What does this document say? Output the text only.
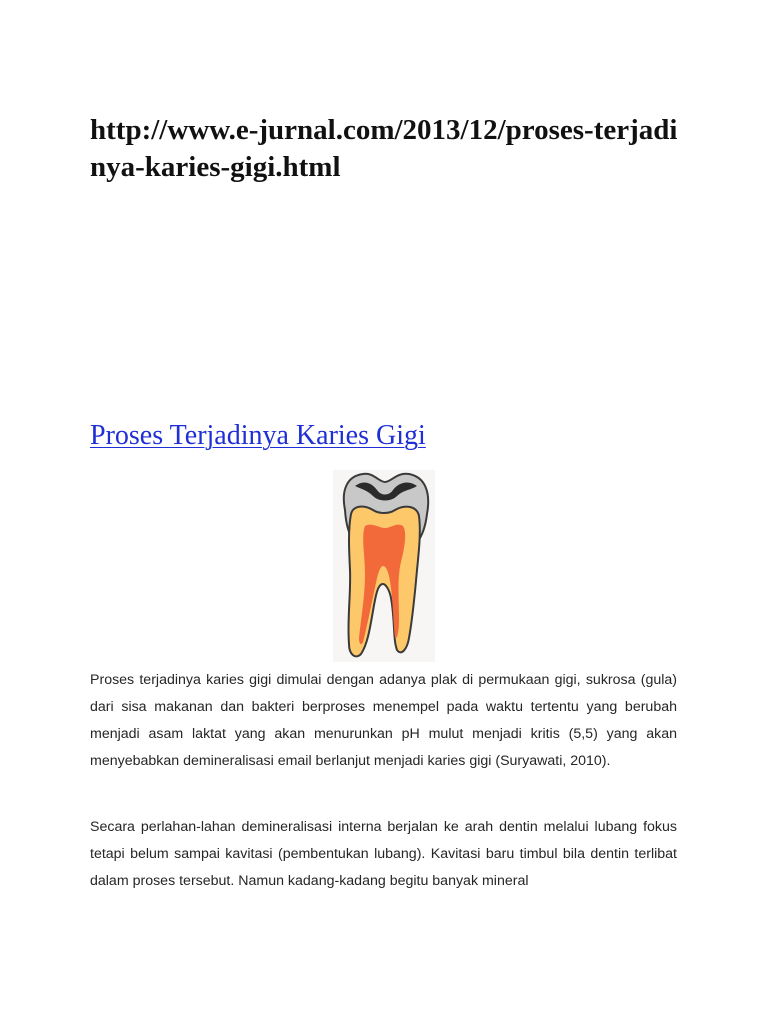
http://www.e-jurnal.com/2013/12/proses-terjadinya-karies-gigi.html
Proses Terjadinya Karies Gigi

Proses terjadinya karies gigi dimulai dengan adanya plak di permukaan gigi, sukrosa (gula) dari sisa makanan dan bakteri berproses menempel pada waktu tertentu yang berubah menjadi asam laktat yang akan menurunkan pH mulut menjadi kritis (5,5) yang akan menyebabkan demineralisasi email berlanjut menjadi karies gigi (Suryawati, 2010).

Secara perlahan-lahan demineralisasi interna berjalan ke arah dentin melalui lubang fokus tetapi belum sampai kavitasi (pembentukan lubang). Kavitasi baru timbul bila dentin terlibat dalam proses tersebut. Namun kadang-kadang begitu banyak mineral
